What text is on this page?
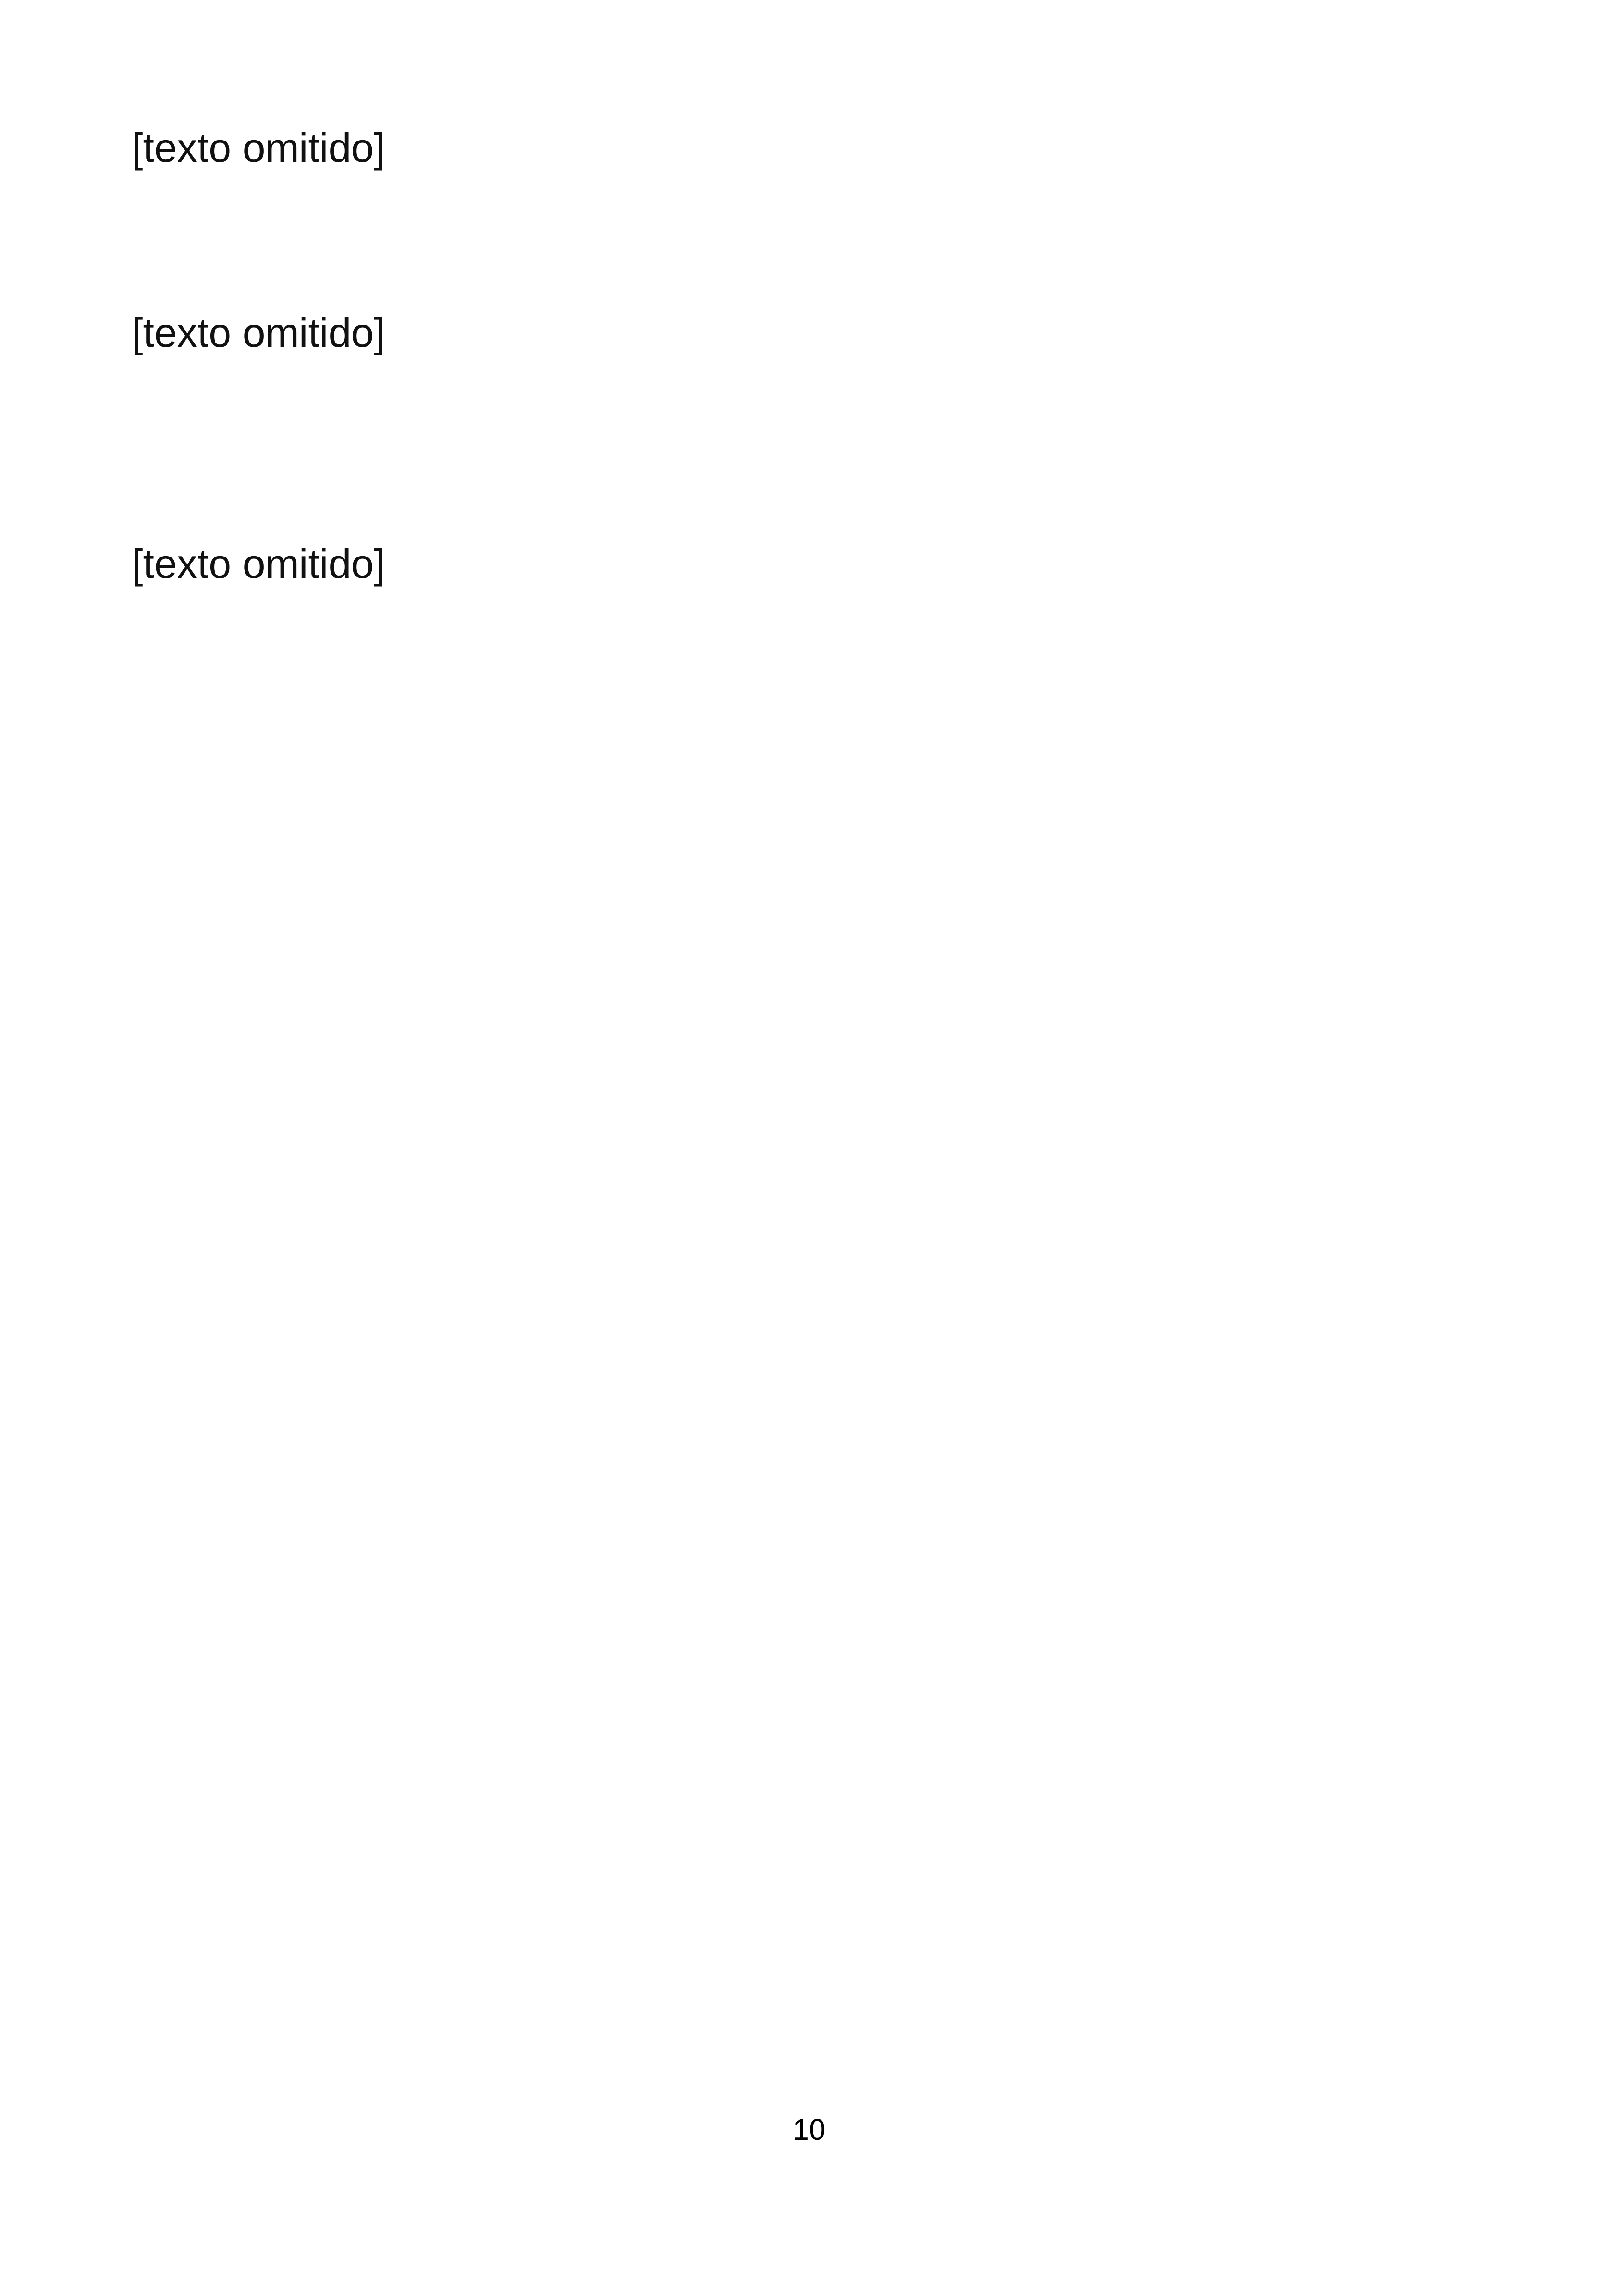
[texto omitido]

[texto omitido]

[texto omitido]

10
